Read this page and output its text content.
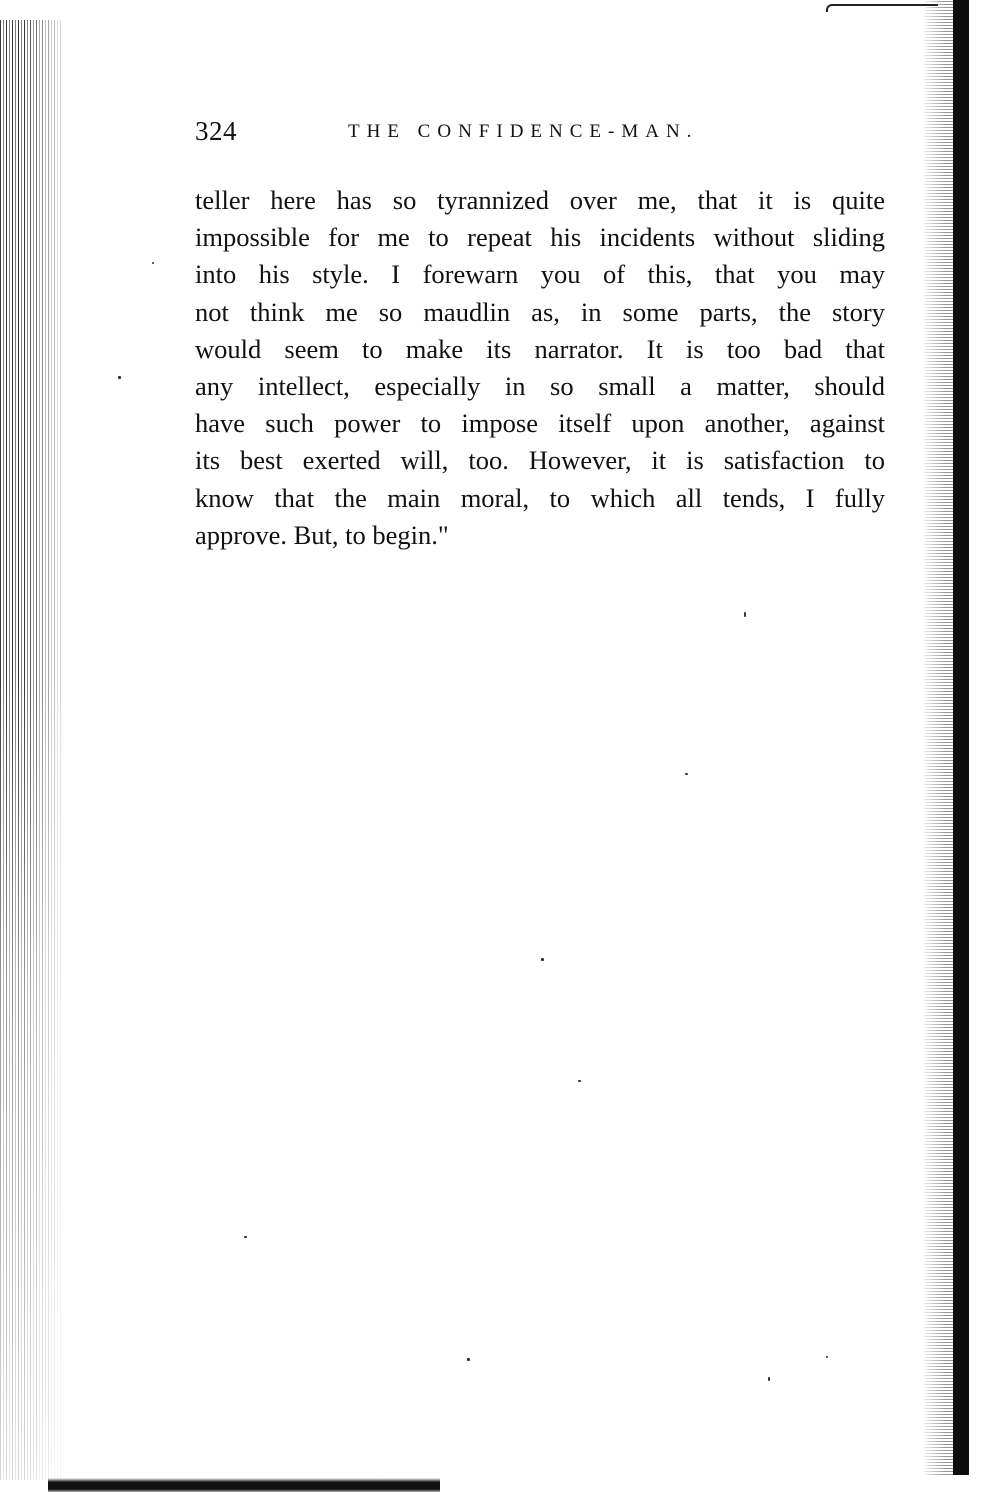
324	THE CONFIDENCE-MAN.
teller here has so tyrannized over me, that it is quite
impossible for me to repeat his incidents without sliding
into his style. I forewarn you of this, that you may
not think me so maudlin as, in some parts, the story
would seem to make its narrator. It is too bad that
any intellect, especially in so small a matter, should
have such power to impose itself upon another, against
its best exerted will, too. However, it is satisfaction to
know that the main moral, to which all tends, I fully
approve. But, to begin."
